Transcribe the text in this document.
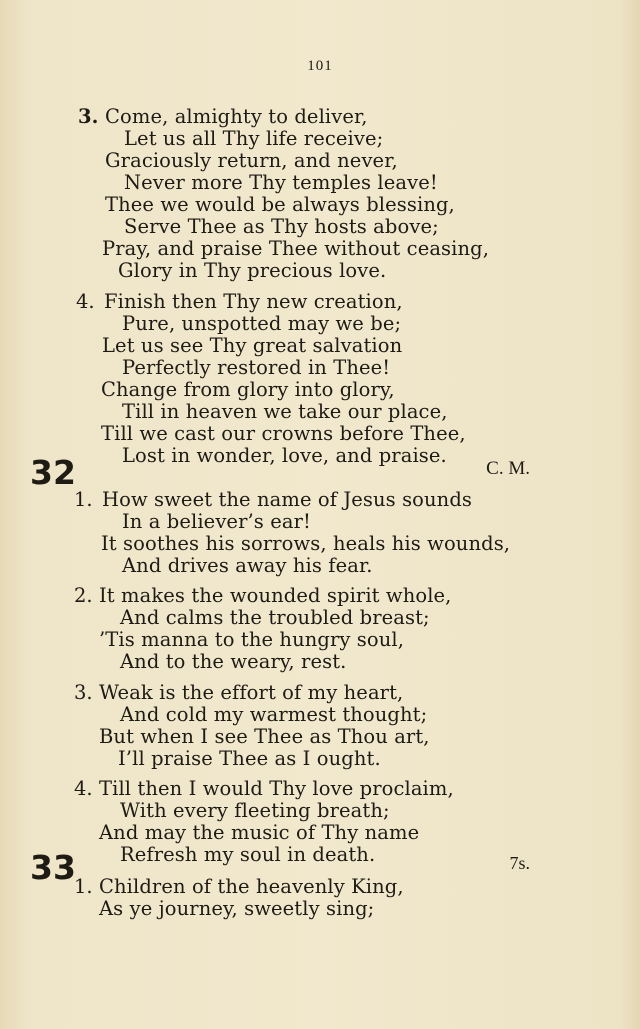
101
3. Come, almighty to deliver,
Let us all Thy life receive;
Graciously return, and never,
Never more Thy temples leave!
Thee we would be always blessing,
Serve Thee as Thy hosts above;
Pray, and praise Thee without ceasing,
Glory in Thy precious love.
4. Finish then Thy new creation,
Pure, unspotted may we be;
Let us see Thy great salvation
Perfectly restored in Thee!
Change from glory into glory,
Till in heaven we take our place,
Till we cast our crowns before Thee,
Lost in wonder, love, and praise.
32	C. M.
1. How sweet the name of Jesus sounds
In a believer’s ear!
It soothes his sorrows, heals his wounds,
And drives away his fear.
2. It makes the wounded spirit whole,
And calms the troubled breast;
’Tis manna to the hungry soul,
And to the weary, rest.
3. Weak is the effort of my heart,
And cold my warmest thought;
But when I see Thee as Thou art,
I’ll praise Thee as I ought.
4. Till then I would Thy love proclaim,
With every fleeting breath;
And may the music of Thy name
Refresh my soul in death.
33	7s.
1. Children of the heavenly King,
As ye journey, sweetly sing;
